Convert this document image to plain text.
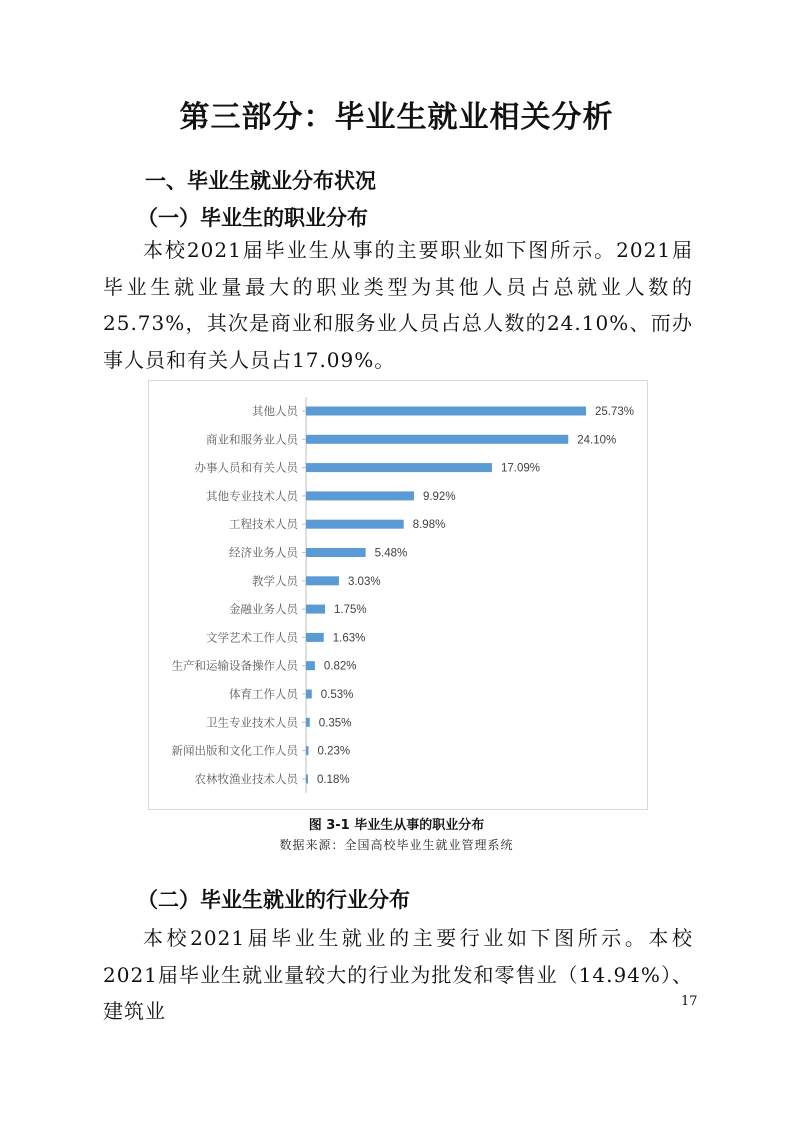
第三部分：毕业生就业相关分析
一、毕业生就业分布状况
（一）毕业生的职业分布
本校2021届毕业生从事的主要职业如下图所示。2021届毕业生就业量最大的职业类型为其他人员占总就业人数的25.73%，其次是商业和服务业人员占总人数的24.10%、而办事人员和有关人员占17.09%。
其他人员	25.73%
商业和服务业人员	24.10%
办事人员和有关人员	17.09%
其他专业技术人员	9.92%
工程技术人员	8.98%
经济业务人员	5.48%
教学人员	3.03%
金融业务人员	1.75%
文学艺术工作人员	1.63%
生产和运输设备操作人员 0.82%
体育工作人员 0.53%
卫生专业技术人员 0.35%
新闻出版和文化工作人员 0.23%
农林牧渔业技术人员 0.18%
图 3-1 毕业生从事的职业分布
数据来源：全国高校毕业生就业管理系统
（二）毕业生就业的行业分布
本校2021届毕业生就业的主要行业如下图所示。本校2021届毕业生就业量较大的行业为批发和零售业（14.94%）、建筑业	17
